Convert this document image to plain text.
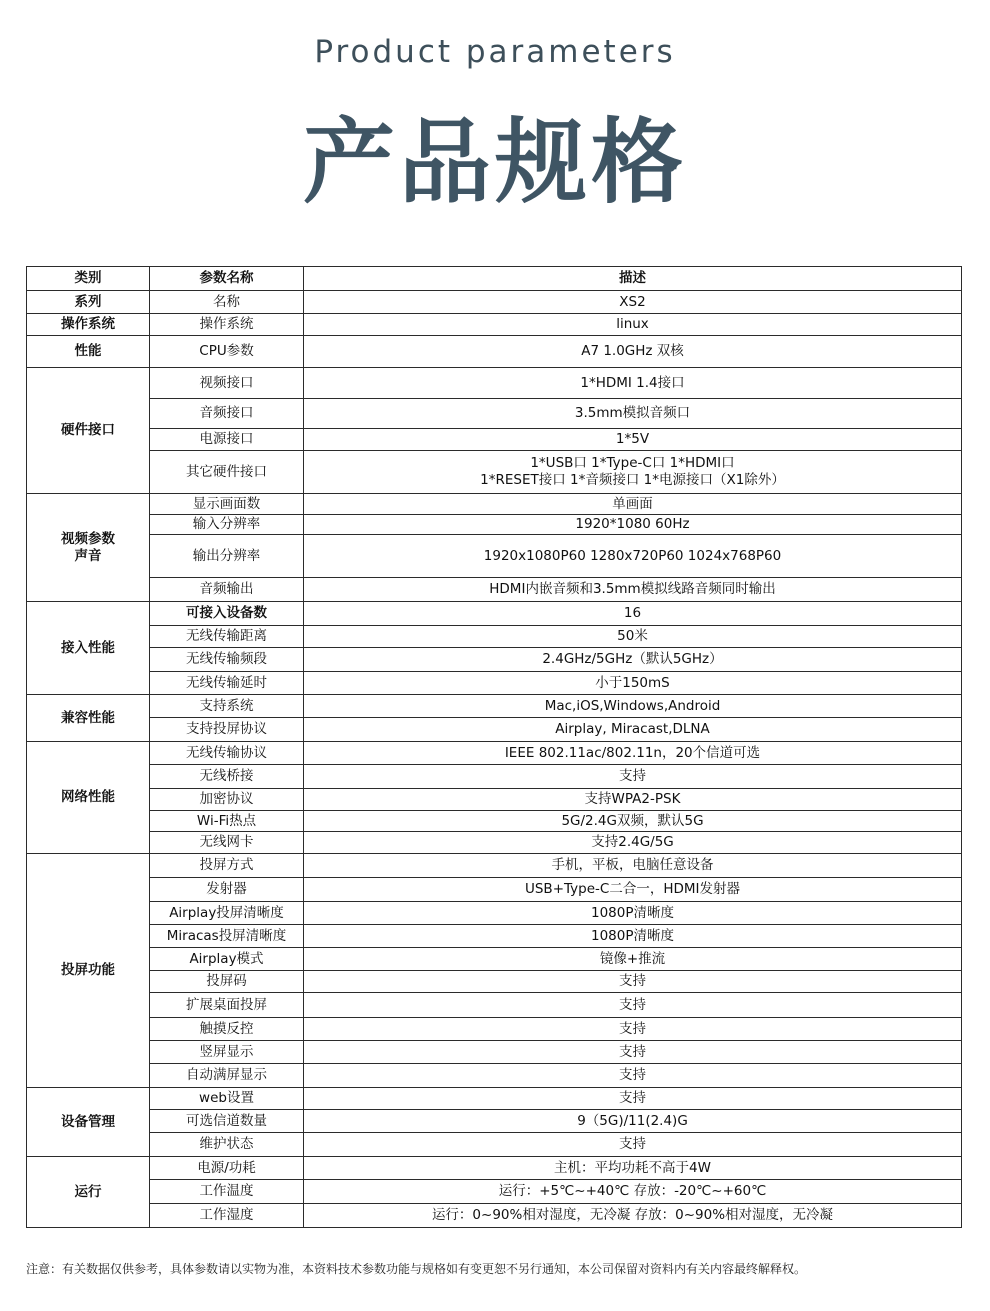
Product parameters
产品规格
类别	参数名称	描述
系列	名称	XS2
操作系统	操作系统	linux
性能	CPU参数	A7 1.0GHz 双核
硬件接口	视频接口	1*HDMI 1.4接口
	音频接口	3.5mm模拟音频口
	电源接口	1*5V
	其它硬件接口	1*USB口 1*Type-C口 1*HDMI口
1*RESET接口 1*音频接口 1*电源接口（X1除外）

视频参数
声音	显示画面数	单画面
	输入分辨率	1920*1080 60Hz
	输出分辨率	1920x1080P60 1280x720P60 1024x768P60
	音频输出	HDMI内嵌音频和3.5mm模拟线路音频同时输出
接入性能	可接入设备数	16
	无线传输距离	50米
	无线传输频段	2.4GHz/5GHz（默认5GHz）
	无线传输延时	小于150mS
兼容性能	支持系统	Mac,iOS,Windows,Android
	支持投屏协议	Airplay, Miracast,DLNA
网络性能	无线传输协议	IEEE 802.11ac/802.11n，20个信道可选
	无线桥接	支持
	加密协议	支持WPA2-PSK
	Wi-Fi热点	5G/2.4G双频，默认5G
	无线网卡	支持2.4G/5G
投屏功能	投屏方式	手机，平板，电脑任意设备
	发射器	USB+Type-C二合一，HDMI发射器
	Airplay投屏清晰度	1080P清晰度
	Miracas投屏清晰度	1080P清晰度
	Airplay模式	镜像+推流
	投屏码	支持
	扩展桌面投屏	支持
	触摸反控	支持
	竖屏显示	支持
	自动满屏显示	支持
设备管理	web设置	支持
	可选信道数量	9（5G)/11(2.4)G
	维护状态	支持
运行	电源/功耗	主机：平均功耗不高于4W
	工作温度	运行：+5℃~+40℃ 存放：-20℃~+60℃
	工作湿度	运行：0~90%相对湿度，无冷凝 存放：0~90%相对湿度，无冷凝
注意：有关数据仅供参考，具体参数请以实物为准，本资料技术参数功能与规格如有变更恕不另行通知，本公司保留对资料内有关内容最终解释权。
